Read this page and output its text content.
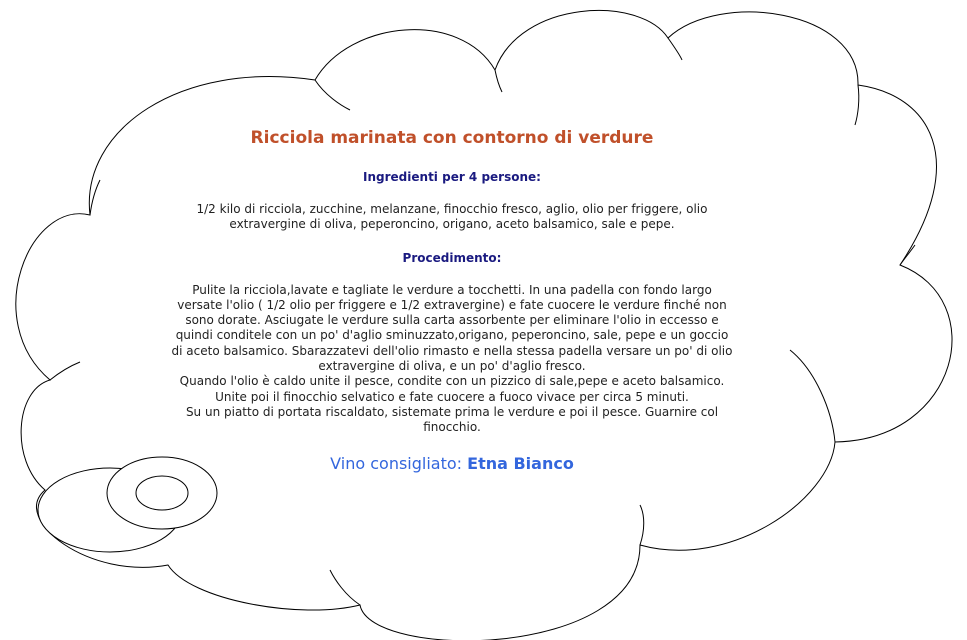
Ricciola marinata con contorno di verdure
Ingredienti per 4 persone:
1/2 kilo di ricciola, zucchine, melanzane, finocchio fresco, aglio, olio per friggere, olio
extravergine di oliva, peperoncino, origano, aceto balsamico, sale e pepe.
Procedimento:
Pulite la ricciola,lavate e tagliate le verdure a tocchetti. In una padella con fondo largo
versate l'olio ( 1/2 olio per friggere e 1/2 extravergine) e fate cuocere le verdure finché non
sono dorate. Asciugate le verdure sulla carta assorbente per eliminare l'olio in eccesso e
quindi conditele con un po' d'aglio sminuzzato,origano, peperoncino, sale, pepe e un goccio
di aceto balsamico. Sbarazzatevi dell'olio rimasto e nella stessa padella versare un po' di olio
extravergine di oliva, e un po' d'aglio fresco.
Quando l'olio è caldo unite il pesce, condite con un pizzico di sale,pepe e aceto balsamico.
Unite poi il finocchio selvatico e fate cuocere a fuoco vivace per circa 5 minuti.
Su un piatto di portata riscaldato, sistemate prima le verdure e poi il pesce. Guarnire col
finocchio.
Vino consigliato: Etna Bianco
